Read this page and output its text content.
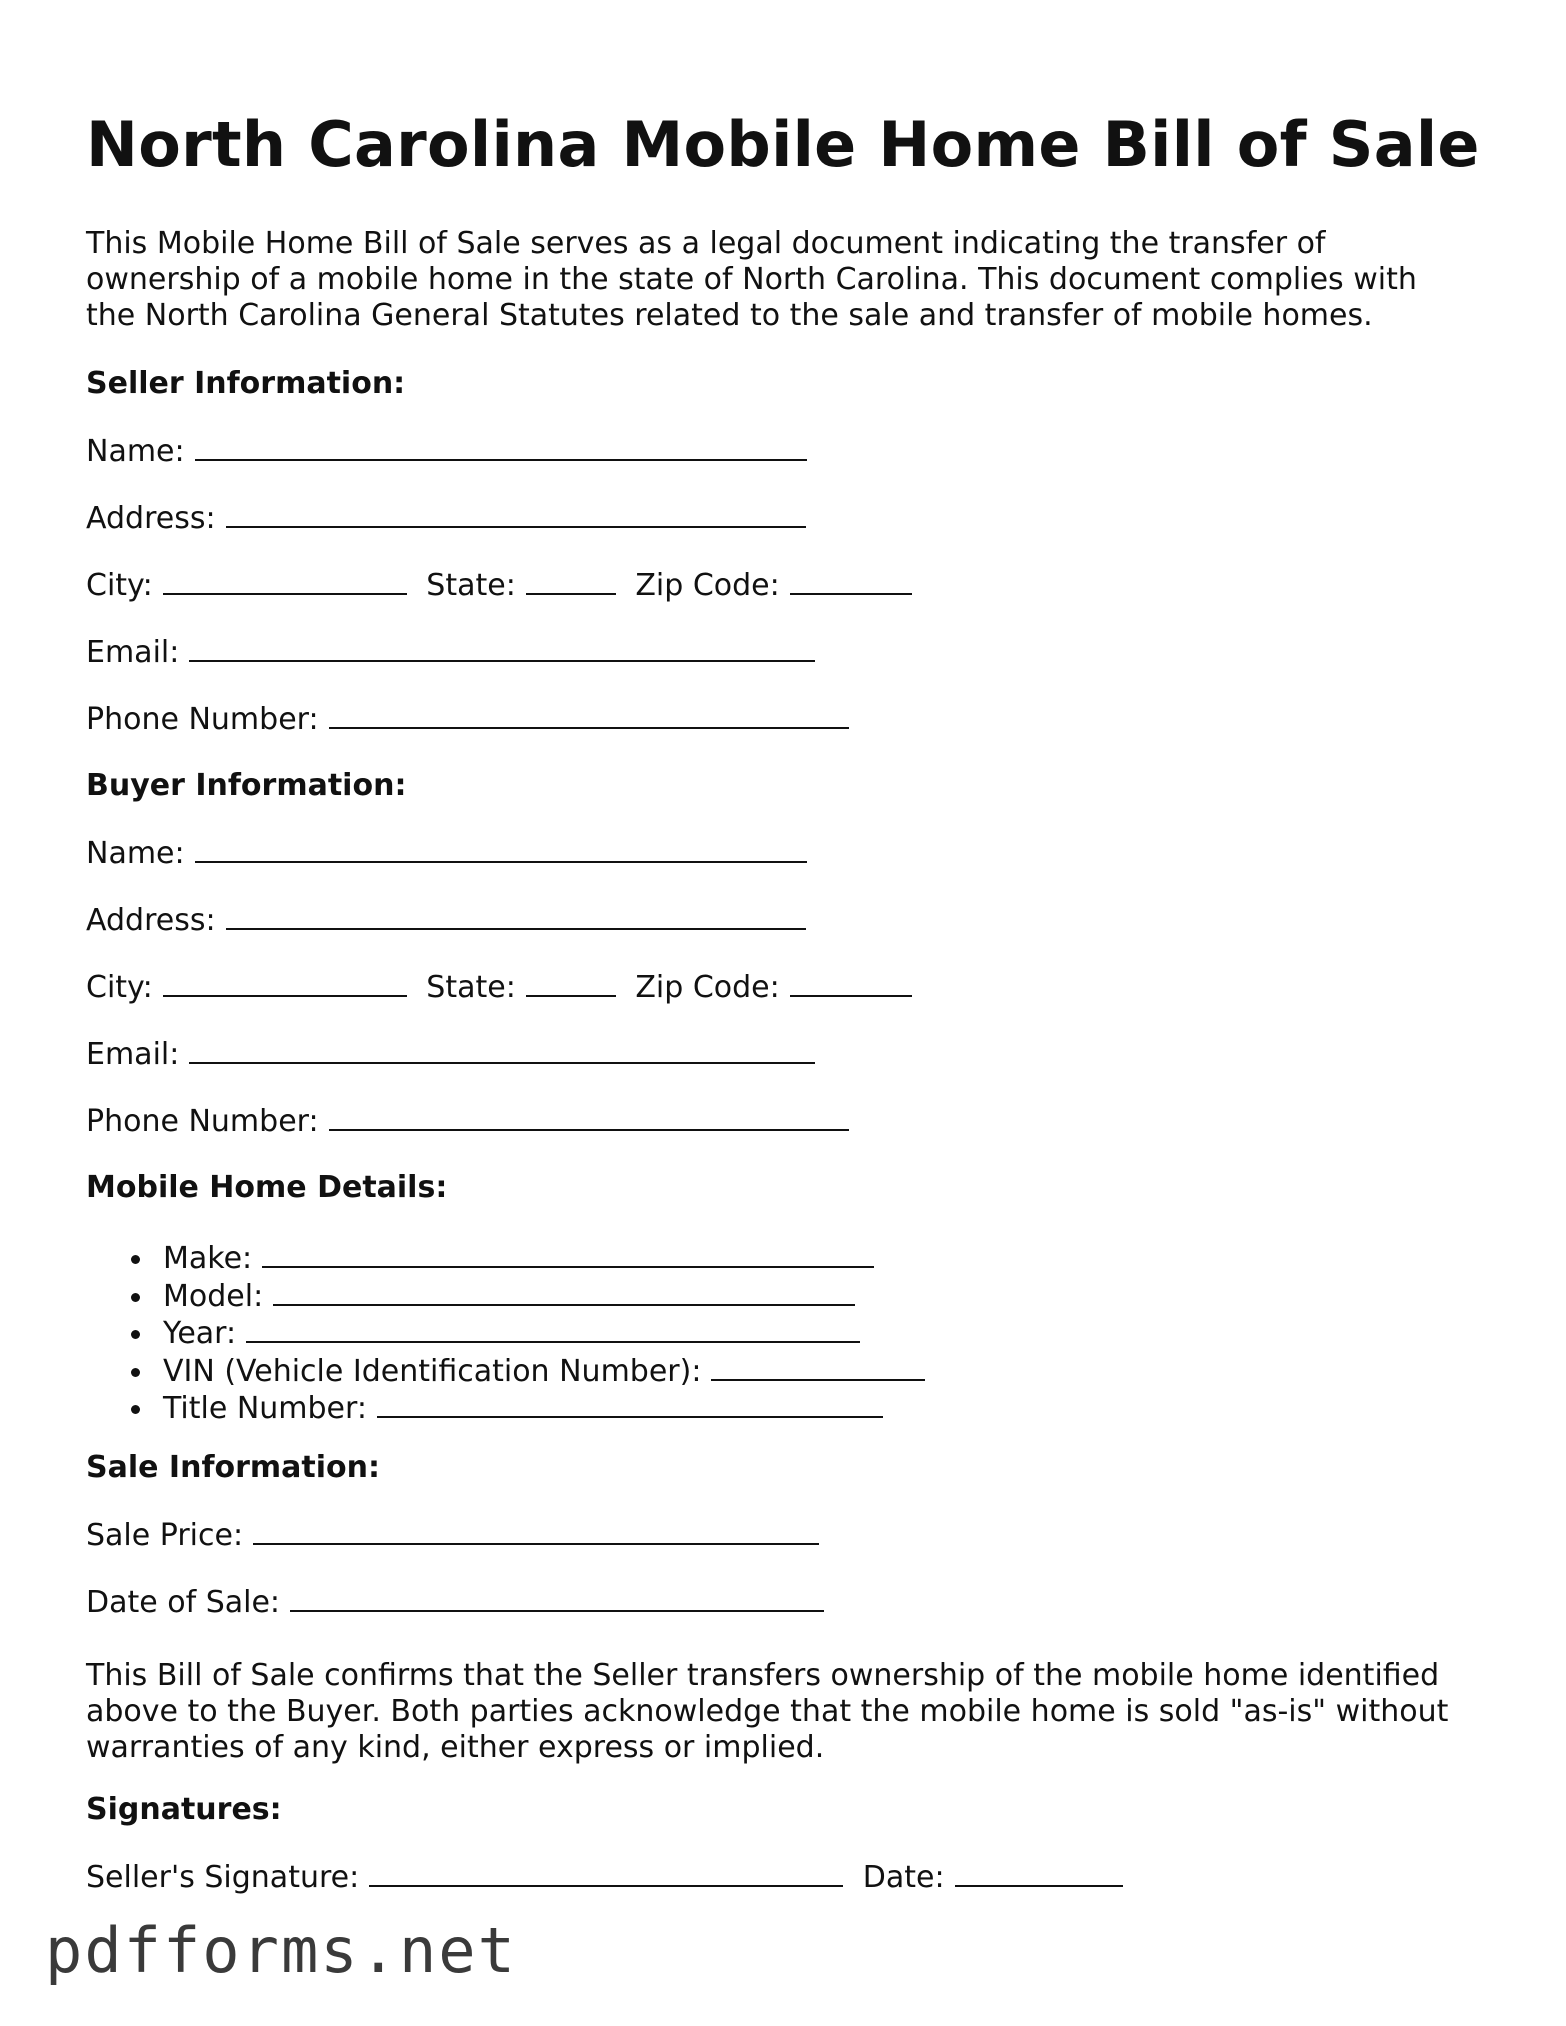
North Carolina Mobile Home Bill of Sale

This Mobile Home Bill of Sale serves as a legal document indicating the transfer of
ownership of a mobile home in the state of North Carolina. This document complies with
the North Carolina General Statutes related to the sale and transfer of mobile homes.

Seller Information:
Name:
Address:
City:	State:	Zip Code:
Email:
Phone Number:
Buyer Information:
Name:
Address:
City:	State:	Zip Code:
Email:
Phone Number:
Mobile Home Details:
Make:
Model:
Year:
VIN (Vehicle Identification Number):
Title Number:
Sale Information:
Sale Price:
Date of Sale:

This Bill of Sale confirms that the Seller transfers ownership of the mobile home identified
above to the Buyer. Both parties acknowledge that the mobile home is sold "as-is" without
warranties of any kind, either express or implied.

Signatures:
Seller's Signature:	Date:
pdfforms.net
